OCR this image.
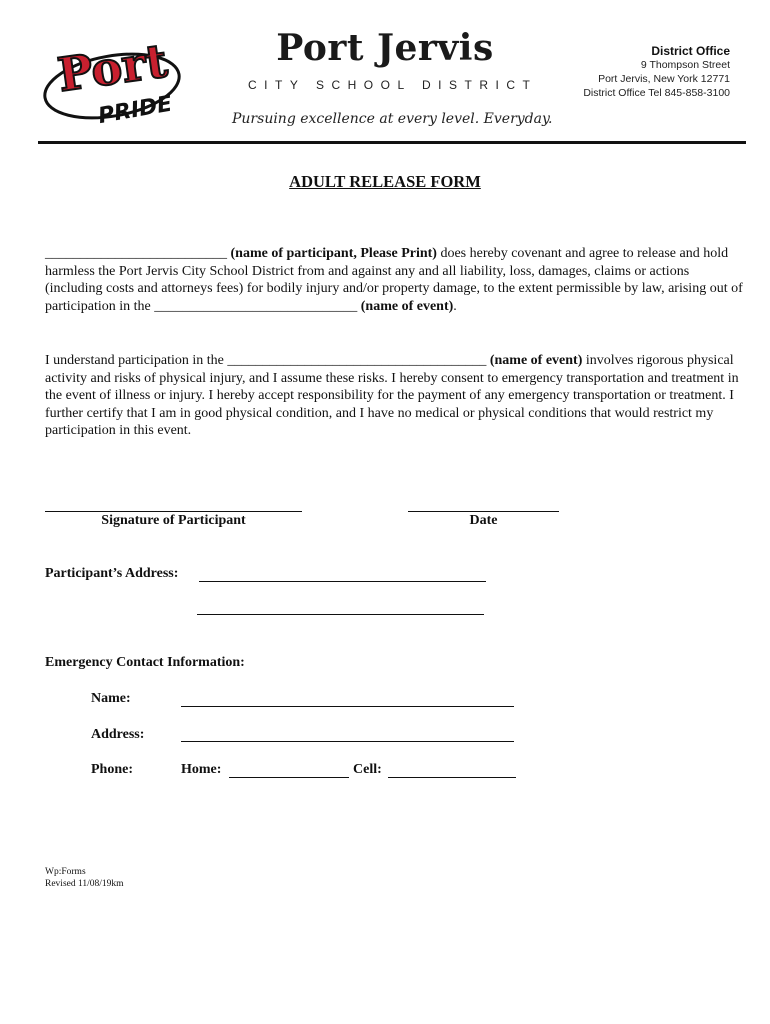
Port
PRIDE
Port Jervis
CITY SCHOOL DISTRICT
Pursuing excellence at every level. Everyday.
District Office
9 Thompson Street
Port Jervis, New York 12771
District Office Tel 845-858-3100
ADULT RELEASE FORM
__________________________ (name of participant, Please Print) does hereby covenant and agree to release and hold harmless the Port Jervis City School District from and against any and all liability, loss, damages, claims or actions (including costs and attorneys fees) for bodily injury and/or property damage, to the extent permissible by law, arising out of participation in the _____________________________ (name of event).
I understand participation in the _____________________________________ (name of event) involves rigorous physical activity and risks of physical injury, and I assume these risks. I hereby consent to emergency transportation and treatment in the event of illness or injury. I hereby accept responsibility for the payment of any emergency transportation or treatment. I further certify that I am in good physical condition, and I have no medical or physical conditions that would restrict my participation in this event.
Signature of Participant	Date
Participant’s Address:
Emergency Contact Information:
Name:
Address:
Phone:	Home:	Cell:
Wp:Forms
Revised 11/08/19km
